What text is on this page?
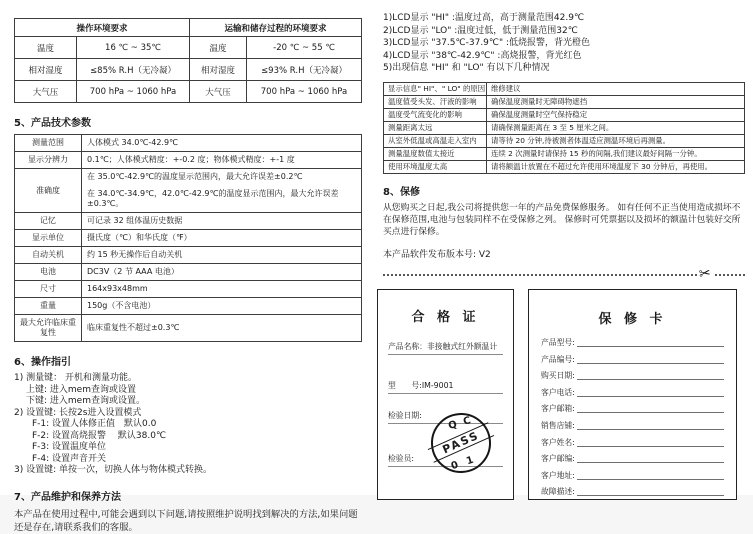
操作环境要求		运输和储存过程的环境要求	
温度	16 ℃ ~ 35℃	温度	-20 ℃ ~ 55 ℃
相对湿度	≤85% R.H（无冷凝）	相对湿度	≤93% R.H（无冷凝）
大气压	700 hPa ~ 1060 hPa	大气压	700 hPa ~ 1060 hPa
5、产品技术参数
测量范围	人体模式 34.0℃-42.9℃
显示分辨力	0.1℃；人体模式精度：+-0.2 度；物体模式精度：+-1 度
准确度	在 35.0℃-42.9℃的温度显示范围内，最大允许误差±0.2℃
在 34.0℃-34.9℃，42.0℃-42.9℃的温度显示范围内，最大允许误差±0.3℃。

记忆	可记录 32 组体温历史数据
显示单位	摄氏度（℃）和华氏度（℉）
自动关机	约 15 秒无操作后自动关机
电池	DC3V（2 节 AAA 电池）
尺寸	164x93x48mm
重量	150g（不含电池）
最大允许临床重复性	临床重复性不超过±0.3℃
6、操作指引
1) 测量键： 开机和测量功能。
上键: 进入mem查询或设置
下键: 进入mem查询或设置。
2) 设置键: 长按2s进入设置模式
F-1: 设置人体修正值　默认0.0
F-2: 设置高烧报警　 默认38.0℃
F-3: 设置温度单位
F-4: 设置声音开关
3) 设置键: 单按一次，切换人体与物体模式转换。
7、产品维护和保养方法
本产品在使用过程中,可能会遇到以下问题,请按照维护说明找到解决的方法,如果问题还是存在,请联系我们的客服。
1)LCD显示 "HI" :温度过高，高于测量范围42.9℃
2)LCD显示 "LO" :温度过低，低于测量范围32℃
3)LCD显示 "37.5℃-37.9℃" :低烧报警，背光橙色
4)LCD显示 "38℃-42.9℃" :高烧报警，背光红色
5)出现信息 "HI" 和 "LO" 有以下几种情况
显示信息" HI"、" LO" 的原因	维修建议
温度值受头发、汗液的影响	确保温度测量时无障碍物遮挡
温度受气流变化的影响	确保温度测量时空气保持稳定
测量距离太远	请确保测量距离在 3 至 5 厘米之间。
从室外低温或高温走入室内	请等待 20 分钟,待被测者体温适应测温环境后再测量。
测量温度数值太接近	连续 2 次测量时请保持 15 秒的间隔,我们建议最好间隔一分钟。
使用环境温度太高	请将额温计放置在不超过允许使用环境温度下 30 分钟后，再使用。
8、保修
从您购买之日起,我公司将提供您一年的产品免费保修服务。 如有任何不正当使用造成损坏不在保修范围,电池与包装同样不在受保修之列。 保修时可凭票据以及损坏的额温计包装好交所买点进行保修。
本产品软件发布版本号: V2
✂
合 格 证
产品名称： 非接触式红外额温计
型　　号: IM-9001
检验日期:
检验员:
QC
PASS
01
保 修 卡
产品型号:
产品编号:
购买日期:
客户电话:
客户邮箱:
销售店铺:
客户姓名:
客户邮编:
客户地址:
故障描述:
